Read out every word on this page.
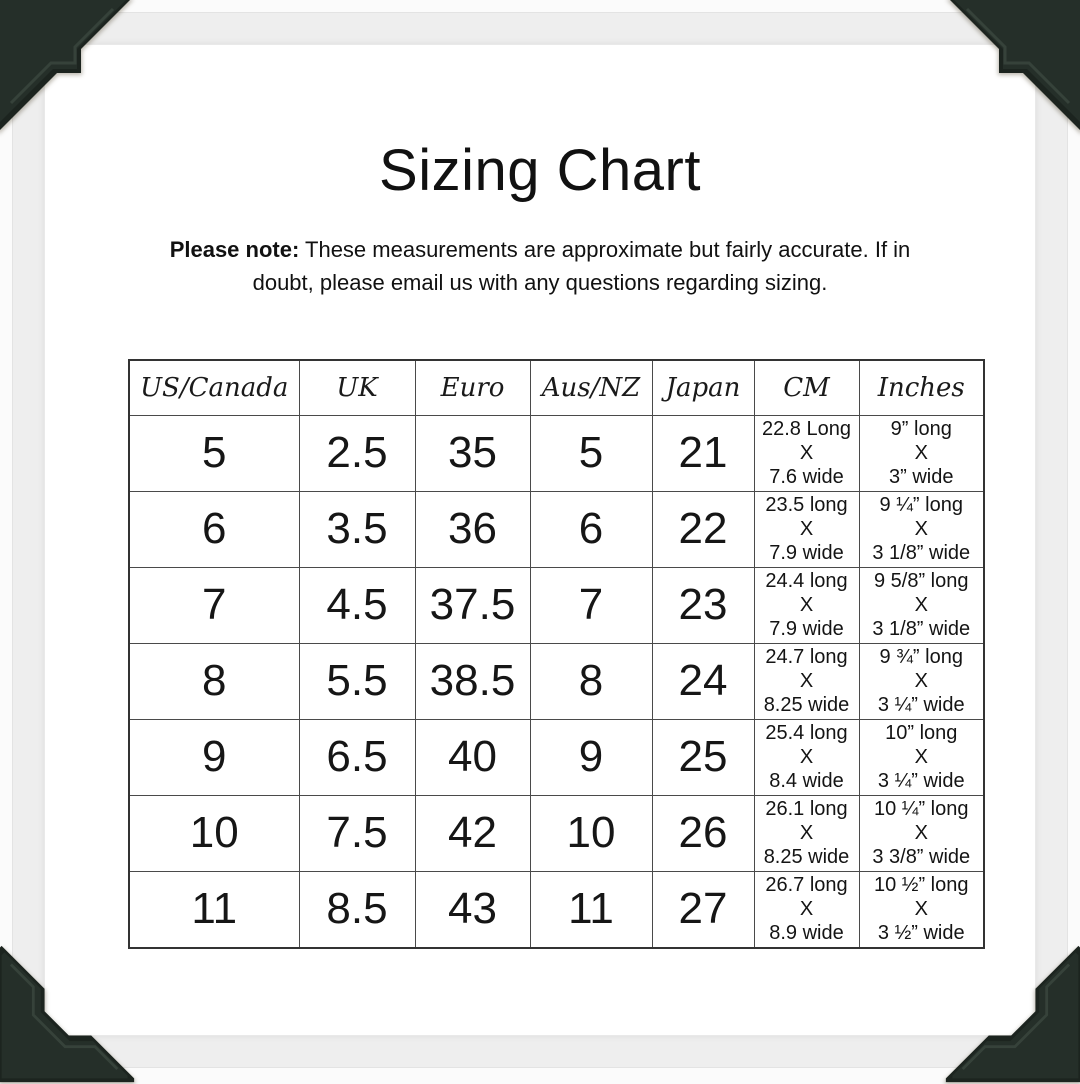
Sizing Chart
Please note: These measurements are approximate but fairly accurate. If in
doubt, please email us with any questions regarding sizing.
US/Canada	UK	Euro	Aus/NZ	Japan	CM	Inches
5	2.5	35	5	21	22.8 Long
X
7.6 wide	9” long
X
3” wide

6	3.5	36	6	22	23.5 long
X
7.9 wide	9 ¼” long
X
3 1/8” wide

7	4.5	37.5	7	23	24.4 long
X
7.9 wide	9 5/8” long
X
3 1/8” wide

8	5.5	38.5	8	24	24.7 long
X
8.25 wide	9 ¾” long
X
3 ¼” wide

9	6.5	40	9	25	25.4 long
X
8.4 wide	10” long
X
3 ¼” wide

10	7.5	42	10	26	26.1 long
X
8.25 wide	10 ¼” long
X
3 3/8” wide

11	8.5	43	11	27	26.7 long
X
8.9 wide	10 ½” long
X
3 ½” wide
